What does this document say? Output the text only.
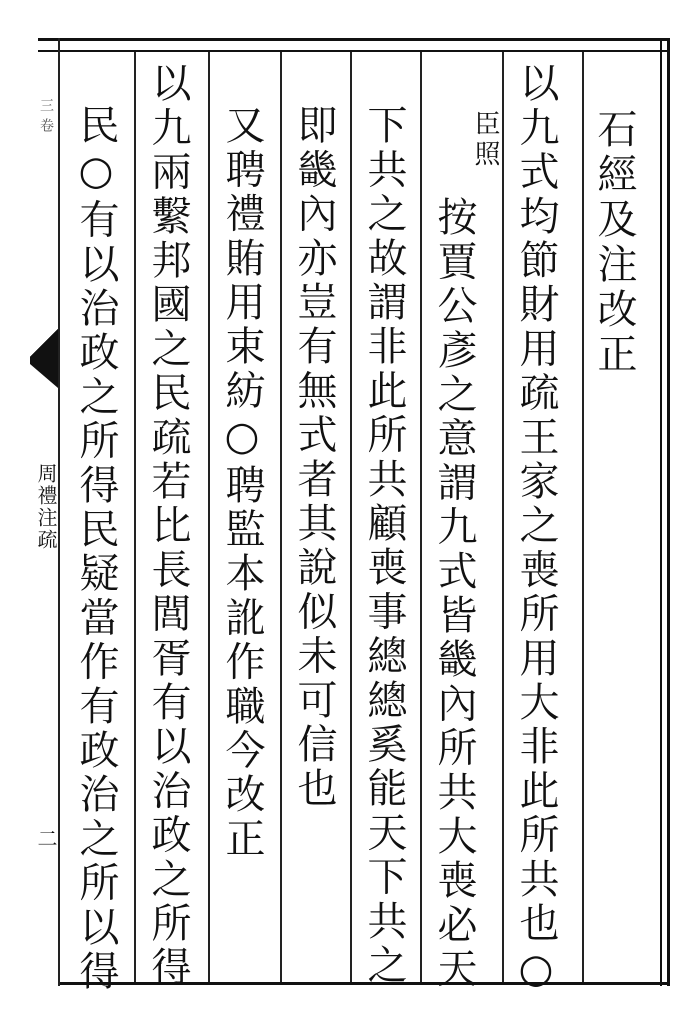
三卷
周禮注疏
二
石經及注改正
以九式均節財用疏王家之喪所用大非此所共也○
臣照
按賈公彥之意謂九式皆畿內所共大喪必天
下共之故謂非此所共顧喪事總總奚能天下共之
即畿內亦豈有無式者其說似未可信也
又聘禮賄用束紡○聘監本訛作職今改正
以九兩繫邦國之民疏若比長閭胥有以治政之所得
民○有以治政之所得民疑當作有政治之所以得
